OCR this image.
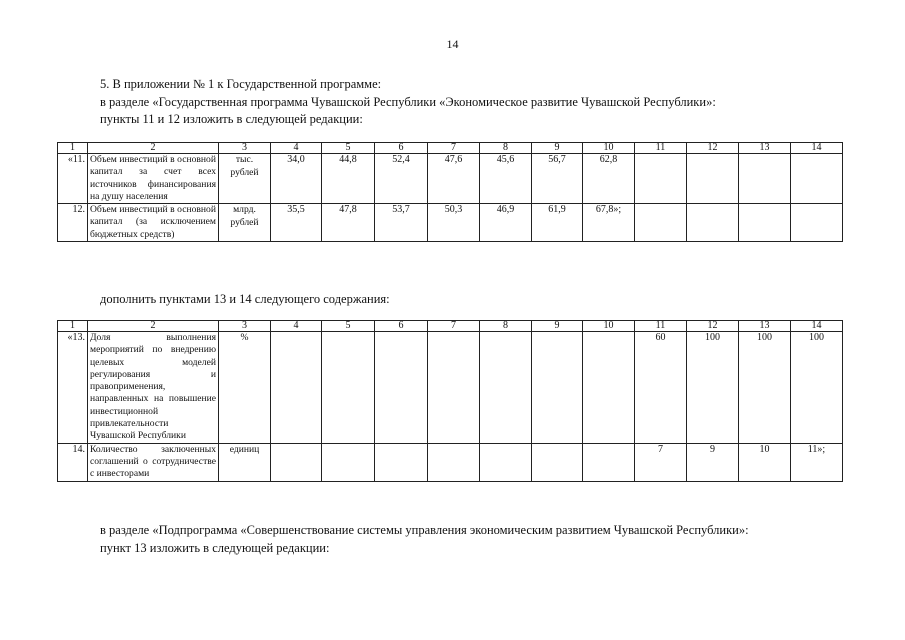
14
5. В приложении № 1 к Государственной программе:
в разделе «Государственная программа Чувашской Республики «Экономическое развитие Чувашской Республики»:
пункты 11 и 12 изложить в следующей редакции:
1	2	3	4	5	6	7	8	9	10	11	12	13	14
«11.	Объем инвестиций в основной капитал за счет всех источников финансирования на душу населения	тыс. рублей	34,0	44,8	52,4	47,6	45,6	56,7	62,8				
12.	Объем инвестиций в основной капитал (за исключением бюджетных средств)	млрд. рублей	35,5	47,8	53,7	50,3	46,9	61,9	67,8»;				
дополнить пунктами 13 и 14 следующего содержания:
1	2	3	4	5	6	7	8	9	10	11	12	13	14
«13.	Доля выполнения мероприятий по внедрению целевых моделей регулирования и правоприменения, направленных на повышение инвестиционной привлекательности Чувашской Республики	%								60	100	100	100
14.	Количество заключенных соглашений о сотрудничестве с инвесторами	единиц								7	9	10	11»;
в разделе «Подпрограмма «Совершенствование системы управления экономическим развитием Чувашской Республики»:
пункт 13 изложить в следующей редакции:
